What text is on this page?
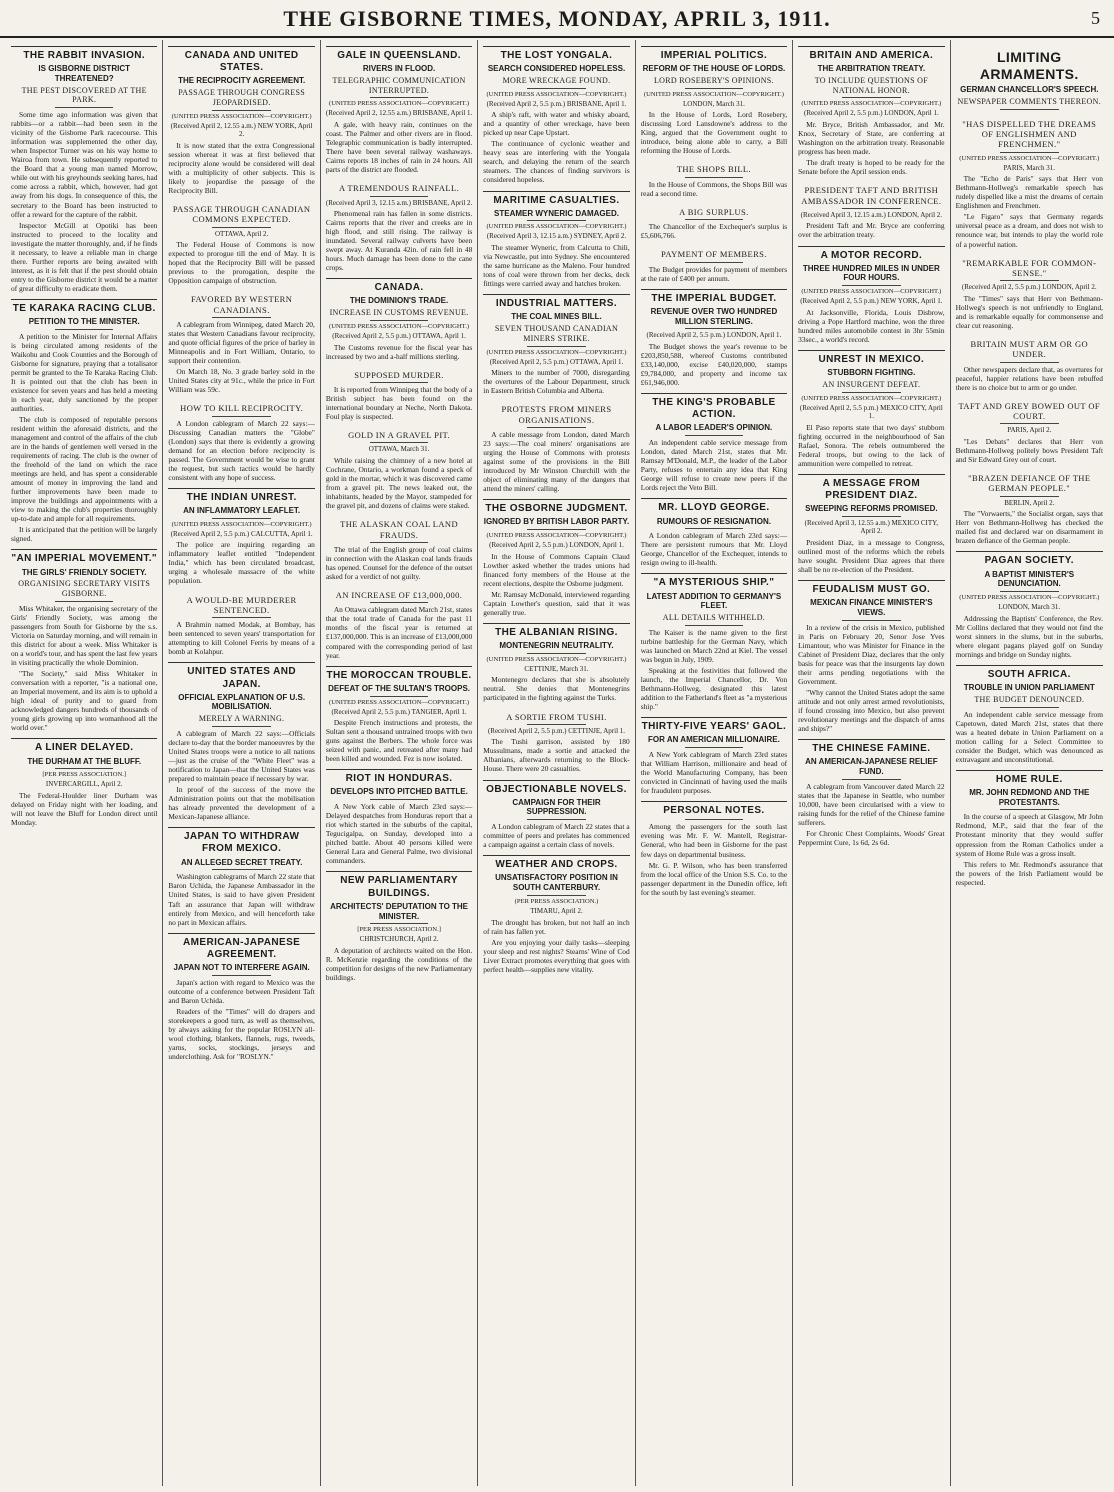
THE GISBORNE TIMES, MONDAY, APRIL 3, 1911.	5
THE RABBIT INVASION.
IS GISBORNE DISTRICT THREATENED?
THE PEST DISCOVERED AT THE PARK.

Some time ago information was given that rabbits—or a rabbit—had been seen in the vicinity of the Gisborne Park racecourse. This information was supplemented the other day, when Inspector Turner was on his way home to Wairoa from town. He subsequently reported to the Board that a young man named Morrow, while out with his greyhounds seeking hares, had come across a rabbit, which, however, had got away from his dogs. In consequence of this, the secretary to the Board has been instructed to offer a reward for the capture of the rabbit.

Inspector McGill at Opotiki has been instructed to proceed to the locality and investigate the matter thoroughly, and, if he finds it necessary, to leave a reliable man in charge there. Further reports are being awaited with interest, as it is felt that if the pest should obtain entry to the Gisborne district it would be a matter of great difficulty to eradicate them.

TE KARAKA RACING CLUB.
PETITION TO THE MINISTER.

A petition to the Minister for Internal Affairs is being circulated among residents of the Waikohu and Cook Counties and the Borough of Gisborne for signature, praying that a totalisator permit be granted to the Te Karaka Racing Club. It is pointed out that the club has been in existence for seven years and has held a meeting in each year, duly sanctioned by the proper authorities.

The club is composed of reputable persons resident within the aforesaid districts, and the management and control of the affairs of the club are in the hands of gentlemen well versed in the requirements of racing. The club is the owner of the freehold of the land on which the race meetings are held, and has spent a considerable amount of money in improving the land and further improvements have been made to improve the buildings and appointments with a view to making the club's properties thoroughly up-to-date and ample for all requirements.

It is anticipated that the petition will be largely signed.

"AN IMPERIAL MOVEMENT."
THE GIRLS' FRIENDLY SOCIETY.
ORGANISING SECRETARY VISITS GISBORNE.

Miss Whitaker, the organising secretary of the Girls' Friendly Society, was among the passengers from South for Gisborne by the s.s. Victoria on Saturday morning, and will remain in this district for about a week. Miss Whitaker is on a world's tour, and has spent the last few years in visiting practically the whole Dominion.

"The Society," said Miss Whitaker in conversation with a reporter, "is a national one, an Imperial movement, and its aim is to uphold a high ideal of purity and to guard from acknowledged dangers hundreds of thousands of young girls growing up into womanhood all the world over."

A LINER DELAYED.
THE DURHAM AT THE BLUFF.
[PER PRESS ASSOCIATION.]
INVERCARGILL, April 2.

The Federal-Houlder liner Durham was delayed on Friday night with her loading, and will not leave the Bluff for London direct until Monday.

CANADA AND UNITED STATES.
THE RECIPROCITY AGREEMENT.
PASSAGE THROUGH CONGRESS JEOPARDISED.
(UNITED PRESS ASSOCIATION—COPYRIGHT.)
(Received April 2, 12.55 a.m.) NEW YORK, April 2.

It is now stated that the extra Congressional session whereat it was at first believed that reciprocity alone would be considered will deal with a multiplicity of other subjects. This is likely to jeopardise the passage of the Reciprocity Bill.

PASSAGE THROUGH CANADIAN COMMONS EXPECTED.
OTTAWA, April 2.

The Federal House of Commons is now expected to prorogue till the end of May. It is hoped that the Reciprocity Bill will be passed previous to the prorogation, despite the Opposition campaign of obstruction.

FAVORED BY WESTERN CANADIANS.

A cablegram from Winnipeg, dated March 20, states that Western Canadians favour reciprocity, and quote official figures of the price of barley in Minneapolis and in Fort William, Ontario, to support their contention.

On March 18, No. 3 grade barley sold in the United States city at 91c., while the price in Fort William was 59c.

HOW TO KILL RECIPROCITY.

A London cablegram of March 22 says:—Discussing Canadian matters the "Globe" (London) says that there is evidently a growing demand for an election before reciprocity is passed. The Government would be wise to grant the request, but such tactics would be hardly consistent with any hope of success.

THE INDIAN UNREST.
AN INFLAMMATORY LEAFLET.
(UNITED PRESS ASSOCIATION—COPYRIGHT.)
(Received April 2, 5.5 p.m.) CALCUTTA, April 1.

The police are inquiring regarding an inflammatory leaflet entitled "Independent India," which has been circulated broadcast, urging a wholesale massacre of the white population.

A WOULD-BE MURDERER SENTENCED.

A Brahmin named Modak, at Bombay, has been sentenced to seven years' transportation for attempting to kill Colonel Ferris by means of a bomb at Kolahpur.

UNITED STATES AND JAPAN.
OFFICIAL EXPLANATION OF U.S. MOBILISATION.
MERELY A WARNING.

A cablegram of March 22 says:—Officials declare to-day that the border manoeuvres by the United States troops were a notice to all nations—just as the cruise of the "White Fleet" was a notification to Japan—that the United States was prepared to maintain peace if necessary by war.

In proof of the success of the move the Administration points out that the mobilisation has already prevented the development of a Mexican-Japanese alliance.

JAPAN TO WITHDRAW FROM MEXICO.
AN ALLEGED SECRET TREATY.

Washington cablegrams of March 22 state that Baron Uchida, the Japanese Ambassador in the United States, is said to have given President Taft an assurance that Japan will withdraw entirely from Mexico, and will henceforth take no part in Mexican affairs.

AMERICAN-JAPANESE AGREEMENT.
JAPAN NOT TO INTERFERE AGAIN.

Japan's action with regard to Mexico was the outcome of a conference between President Taft and Baron Uchida.

Readers of the "Times" will do drapers and storekeepers a good turn, as well as themselves, by always asking for the popular ROSLYN all-wool clothing, blankets, flannels, rugs, tweeds, yarns, socks, stockings, jerseys and underclothing. Ask for "ROSLYN."

GALE IN QUEENSLAND.
RIVERS IN FLOOD.
TELEGRAPHIC COMMUNICATION INTERRUPTED.
(UNITED PRESS ASSOCIATION—COPYRIGHT.)
(Received April 2, 12.55 a.m.) BRISBANE, April 1.

A gale, with heavy rain, continues on the coast. The Palmer and other rivers are in flood. Telegraphic communication is badly interrupted. There have been several railway washaways. Cairns reports 18 inches of rain in 24 hours. All parts of the district are flooded.

A TREMENDOUS RAINFALL.
(Received April 3, 12.15 a.m.) BRISBANE, April 2.

Phenomenal rain has fallen in some districts. Cairns reports that the river and creeks are in high flood, and still rising. The railway is inundated. Several railway culverts have been swept away. At Kuranda 42in. of rain fell in 48 hours. Much damage has been done to the cane crops.

CANADA.
THE DOMINION'S TRADE.
INCREASE IN CUSTOMS REVENUE.
(UNITED PRESS ASSOCIATION—COPYRIGHT.)
(Received April 2, 5.5 p.m.) OTTAWA, April 1.

The Customs revenue for the fiscal year has increased by two and a-half millions sterling.

SUPPOSED MURDER.

It is reported from Winnipeg that the body of a British subject has been found on the international boundary at Neche, North Dakota. Foul play is suspected.

GOLD IN A GRAVEL PIT.
OTTAWA, March 31.

While raising the chimney of a new hotel at Cochrane, Ontario, a workman found a speck of gold in the mortar, which it was discovered came from a gravel pit. The news leaked out, the inhabitants, headed by the Mayor, stampeded for the gravel pit, and dozens of claims were staked.

THE ALASKAN COAL LAND FRAUDS.

The trial of the English group of coal claims in connection with the Alaskan coal lands frauds has opened. Counsel for the defence of the outset asked for a verdict of not guilty.

AN INCREASE OF £13,000,000.

An Ottawa cablegram dated March 21st, states that the total trade of Canada for the past 11 months of the fiscal year is returned at £137,000,000. This is an increase of £13,000,000 compared with the corresponding period of last year.

THE MOROCCAN TROUBLE.
DEFEAT OF THE SULTAN'S TROOPS.
(UNITED PRESS ASSOCIATION—COPYRIGHT.)
(Received April 2, 5.5 p.m.) TANGIER, April 1.

Despite French instructions and protests, the Sultan sent a thousand untrained troops with two guns against the Berbers. The whole force was seized with panic, and retreated after many had been killed and wounded. Fez is now isolated.

RIOT IN HONDURAS.
DEVELOPS INTO PITCHED BATTLE.

A New York cable of March 23rd says:—Delayed despatches from Honduras report that a riot which started in the suburbs of the capital, Tegucigalpa, on Sunday, developed into a pitched battle. About 40 persons killed were General Lara and General Palme, two divisional commanders.

NEW PARLIAMENTARY BUILDINGS.
ARCHITECTS' DEPUTATION TO THE MINISTER.
[PER PRESS ASSOCIATION.]
CHRISTCHURCH, April 2.

A deputation of architects waited on the Hon. R. McKenzie regarding the conditions of the competition for designs of the new Parliamentary buildings.

THE LOST YONGALA.
SEARCH CONSIDERED HOPELESS.
MORE WRECKAGE FOUND.
(UNITED PRESS ASSOCIATION—COPYRIGHT.)
(Received April 2, 5.5 p.m.) BRISBANE, April 1.

A ship's raft, with water and whisky aboard, and a quantity of other wreckage, have been picked up near Cape Upstart.

The continuance of cyclonic weather and heavy seas are interfering with the Yongala search, and delaying the return of the search steamers. The chances of finding survivors is considered hopeless.

MARITIME CASUALTIES.
STEAMER WYNERIC DAMAGED.
(UNITED PRESS ASSOCIATION—COPYRIGHT.)
(Received April 3, 12.15 a.m.) SYDNEY, April 2.

The steamer Wyneric, from Calcutta to Chili, via Newcastle, put into Sydney. She encountered the same hurricane as the Maleno. Four hundred tons of coal were thrown from her decks, deck fittings were carried away and hatches broken.

INDUSTRIAL MATTERS.
THE COAL MINES BILL.
SEVEN THOUSAND CANADIAN MINERS STRIKE.
(UNITED PRESS ASSOCIATION—COPYRIGHT.)
(Received April 2, 5.5 p.m.) OTTAWA, April 1.

Miners to the number of 7000, disregarding the overtures of the Labour Department, struck in Eastern British Columbia and Alberta.

PROTESTS FROM MINERS ORGANISATIONS.

A cable message from London, dated March 23 says:—The coal miners' organisations are urging the House of Commons with protests against some of the provisions in the Bill introduced by Mr Winston Churchill with the object of eliminating many of the dangers that attend the miners' calling.

THE OSBORNE JUDGMENT.
IGNORED BY BRITISH LABOR PARTY.
(UNITED PRESS ASSOCIATION—COPYRIGHT.)
(Received April 2, 5.5 p.m.) LONDON, April 1.

In the House of Commons Captain Claud Lowther asked whether the trades unions had financed forty members of the House at the recent elections, despite the Osborne judgment.

Mr. Ramsay McDonald, interviewed regarding Captain Lowther's question, said that it was generally true.

THE ALBANIAN RISING.
MONTENEGRIN NEUTRALITY.
(UNITED PRESS ASSOCIATION—COPYRIGHT.)
CETTINJE, March 31.

Montenegro declares that she is absolutely neutral. She denies that Montenegrins participated in the fighting against the Turks.

A SORTIE FROM TUSHI.
(Received April 2, 5.5 p.m.) CETTINJE, April 1.

The Tushi garrison, assisted by 180 Mussulmans, made a sortie and attacked the Albanians, afterwards returning to the Block-House. There were 20 casualties.

OBJECTIONABLE NOVELS.
CAMPAIGN FOR THEIR SUPPRESSION.

A London cablegram of March 22 states that a committee of peers and prelates has commenced a campaign against a certain class of novels.

WEATHER AND CROPS.
UNSATISFACTORY POSITION IN SOUTH CANTERBURY.
(PER PRESS ASSOCIATION.)
TIMARU, April 2.

The drought has broken, but not half an inch of rain has fallen yet.

Are you enjoying your daily tasks—sleeping your sleep and rest nights? Stearns' Wine of Cod Liver Extract promotes everything that goes with perfect health—supplies new vitality.

IMPERIAL POLITICS.
REFORM OF THE HOUSE OF LORDS.
LORD ROSEBERY'S OPINIONS.
(UNITED PRESS ASSOCIATION—COPYRIGHT.)
LONDON, March 31.

In the House of Lords, Lord Rosebery, discussing Lord Lansdowne's address to the King, argued that the Government ought to introduce, being alone able to carry, a Bill reforming the House of Lords.

THE SHOPS BILL.

In the House of Commons, the Shops Bill was read a second time.

A BIG SURPLUS.

The Chancellor of the Exchequer's surplus is £5,606,766.

PAYMENT OF MEMBERS.

The Budget provides for payment of members at the rate of £400 per annum.

THE IMPERIAL BUDGET.
REVENUE OVER TWO HUNDRED MILLION STERLING.
(Received April 2, 5.5 p.m.) LONDON, April 1.

The Budget shows the year's revenue to be £203,850,588, whereof Customs contributed £33,140,000, excise £40,020,000, stamps £9,784,000, and property and income tax £61,946,000.

THE KING'S PROBABLE ACTION.
A LABOR LEADER'S OPINION.

An independent cable service message from London, dated March 21st, states that Mr. Ramsay M'Donald, M.P., the leader of the Labor Party, refuses to entertain any idea that King George will refuse to create new peers if the Lords reject the Veto Bill.

MR. LLOYD GEORGE.
RUMOURS OF RESIGNATION.

A London cablegram of March 23rd says:—There are persistent rumours that Mr. Lloyd George, Chancellor of the Exchequer, intends to resign owing to ill-health.

"A MYSTERIOUS SHIP."
LATEST ADDITION TO GERMANY'S FLEET.
ALL DETAILS WITHHELD.

The Kaiser is the name given to the first turbine battleship for the German Navy, which was launched on March 22nd at Kiel. The vessel was begun in July, 1909.

Speaking at the festivities that followed the launch, the Imperial Chancellor, Dr. Von Bethmann-Hollweg, designated this latest addition to the Fatherland's fleet as "a mysterious ship."

THIRTY-FIVE YEARS' GAOL.
FOR AN AMERICAN MILLIONAIRE.

A New York cablegram of March 23rd states that William Harrison, millionaire and head of the World Manufacturing Company, has been convicted in Cincinnati of having used the mails for fraudulent purposes.

PERSONAL NOTES.

Among the passengers for the south last evening was Mr. F. W. Mantell, Registrar-General, who had been in Gisborne for the past few days on departmental business.

Mr. G. P. Wilson, who has been transferred from the local office of the Union S.S. Co. to the passenger department in the Dunedin office, left for the south by last evening's steamer.

BRITAIN AND AMERICA.
THE ARBITRATION TREATY.
TO INCLUDE QUESTIONS OF NATIONAL HONOR.
(UNITED PRESS ASSOCIATION—COPYRIGHT.)
(Received April 2, 5.5 p.m.) LONDON, April 1.

Mr. Bryce, British Ambassador, and Mr. Knox, Secretary of State, are conferring at Washington on the arbitration treaty. Reasonable progress has been made.

The draft treaty is hoped to be ready for the Senate before the April session ends.

PRESIDENT TAFT AND BRITISH AMBASSADOR IN CONFERENCE.
(Received April 3, 12.15 a.m.) LONDON, April 2.

President Taft and Mr. Bryce are conferring over the arbitration treaty.

A MOTOR RECORD.
THREE HUNDRED MILES IN UNDER FOUR HOURS.
(UNITED PRESS ASSOCIATION—COPYRIGHT.)
(Received April 2, 5.5 p.m.) NEW YORK, April 1.

At Jacksonville, Florida, Louis Disbrow, driving a Pope Hartford machine, won the three hundred miles automobile contest in 3hr 55min 33sec., a world's record.

UNREST IN MEXICO.
STUBBORN FIGHTING.
AN INSURGENT DEFEAT.
(UNITED PRESS ASSOCIATION—COPYRIGHT.)
(Received April 2, 5.5 p.m.) MEXICO CITY, April 1.

El Paso reports state that two days' stubborn fighting occurred in the neighbourhood of San Rafael, Sonora. The rebels outnumbered the Federal troops, but owing to the lack of ammunition were compelled to retreat.

A MESSAGE FROM PRESIDENT DIAZ.
SWEEPING REFORMS PROMISED.
(Received April 3, 12.55 a.m.) MEXICO CITY, April 2.

President Diaz, in a message to Congress, outlined most of the reforms which the rebels have sought. President Diaz agrees that there shall be no re-election of the President.

FEUDALISM MUST GO.
MEXICAN FINANCE MINISTER'S VIEWS.

In a review of the crisis in Mexico, published in Paris on February 20, Senor Jose Yves Limantour, who was Minister for Finance in the Cabinet of President Diaz, declares that the only basis for peace was that the insurgents lay down their arms pending negotiations with the Government.

"Why cannot the United States adopt the same attitude and not only arrest armed revolutionists, if found crossing into Mexico, but also prevent revolutionary meetings and the dispatch of arms and ships?"

THE CHINESE FAMINE.
AN AMERICAN-JAPANESE RELIEF FUND.

A cablegram from Vancouver dated March 22 states that the Japanese in Seattle, who number 10,000, have been circularised with a view to raising funds for the relief of the Chinese famine sufferers.

For Chronic Chest Complaints, Woods' Great Peppermint Cure, 1s 6d, 2s 6d.

LIMITING ARMAMENTS.
GERMAN CHANCELLOR'S SPEECH.
NEWSPAPER COMMENTS THEREON.
"HAS DISPELLED THE DREAMS OF ENGLISHMEN AND FRENCHMEN."
(UNITED PRESS ASSOCIATION—COPYRIGHT.)
PARIS, March 31.

The "Echo de Paris" says that Herr von Bethmann-Hollweg's remarkable speech has rudely dispelled like a mist the dreams of certain Englishmen and Frenchmen.

"Le Figaro" says that Germany regards universal peace as a dream, and does not wish to renounce war, but intends to play the world role of a powerful nation.

"REMARKABLE FOR COMMON-SENSE."
(Received April 2, 5.5 p.m.) LONDON, April 2.

The "Times" says that Herr von Bethmann-Hollweg's speech is not unfriendly to England, and is remarkable equally for commonsense and clear cut reasoning.

BRITAIN MUST ARM OR GO UNDER.

Other newspapers declare that, as overtures for peaceful, happier relations have been rebuffed there is no choice but to arm or go under.

TAFT AND GREY BOWED OUT OF COURT.
PARIS, April 2.

"Les Debats" declares that Herr von Bethmann-Hollweg politely bows President Taft and Sir Edward Grey out of court.

"BRAZEN DEFIANCE OF THE GERMAN PEOPLE."
BERLIN, April 2.

The "Vorwaerts," the Socialist organ, says that Herr von Bethmann-Hollweg has checked the mailed fist and declared war on disarmament in brazen defiance of the German people.

PAGAN SOCIETY.
A BAPTIST MINISTER'S DENUNCIATION.
(UNITED PRESS ASSOCIATION—COPYRIGHT.)
LONDON, March 31.

Addressing the Baptists' Conference, the Rev. Mr Collins declared that they would not find the worst sinners in the slums, but in the suburbs, where elegant pagans played golf on Sunday mornings and bridge on Sunday nights.

SOUTH AFRICA.
TROUBLE IN UNION PARLIAMENT
THE BUDGET DENOUNCED.

An independent cable service message from Capetown, dated March 21st, states that there was a heated debate in Union Parliament on a motion calling for a Select Committee to consider the Budget, which was denounced as extravagant and unconstitutional.

HOME RULE.
MR. JOHN REDMOND AND THE PROTESTANTS.

In the course of a speech at Glasgow, Mr John Redmond, M.P., said that the fear of the Protestant minority that they would suffer oppression from the Roman Catholics under a system of Home Rule was a gross insult.

This refers to Mr. Redmond's assurance that the powers of the Irish Parliament would be respected.
